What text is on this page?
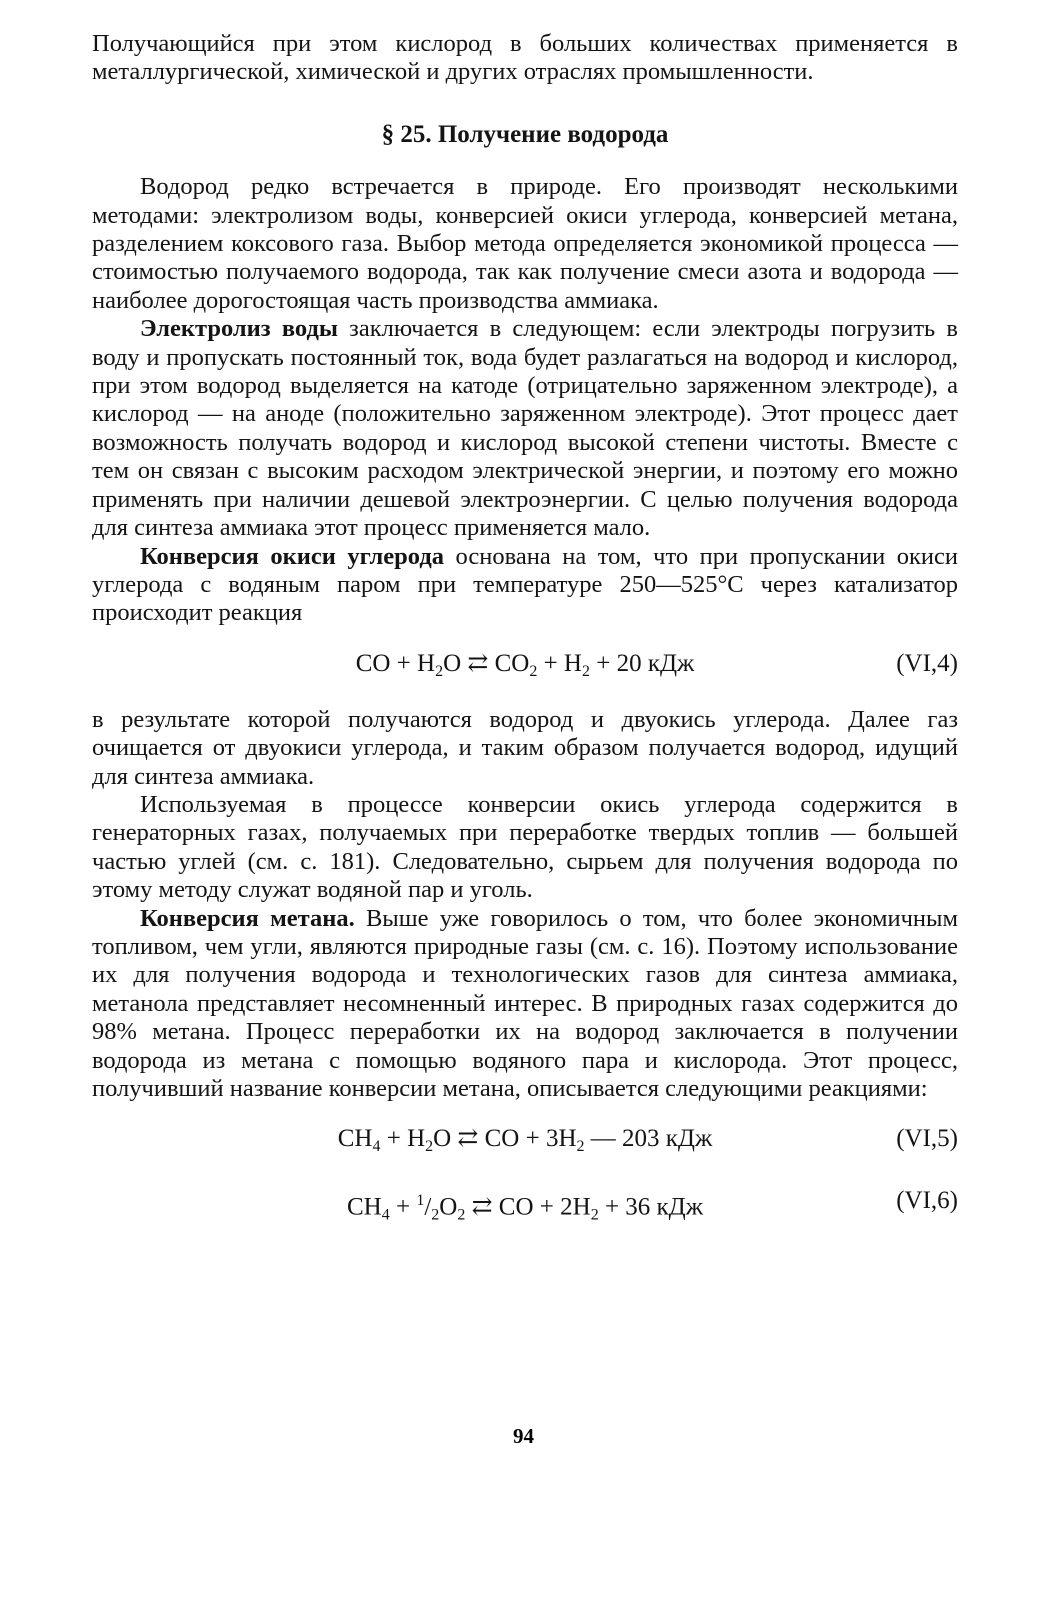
Получающийся при этом кислород в больших количествах применяется в металлургической, химической и других отраслях промышленности.

§ 25. Получение водорода

Водород редко встречается в природе. Его производят несколькими методами: электролизом воды, конверсией окиси углерода, конверсией метана, разделением коксового газа. Выбор метода определяется экономикой процесса — стоимостью получаемого водорода, так как получение смеси азота и водорода — наиболее дорогостоящая часть производства аммиака.

Электролиз воды заключается в следующем: если электроды погрузить в воду и пропускать постоянный ток, вода будет разлагаться на водород и кислород, при этом водород выделяется на катоде (отрицательно заряженном электроде), а кислород — на аноде (положительно заряженном электроде). Этот процесс дает возможность получать водород и кислород высокой степени чистоты. Вместе с тем он связан с высоким расходом электрической энергии, и поэтому его можно применять при наличии дешевой электроэнергии. С целью получения водорода для синтеза аммиака этот процесс применяется мало.

Конверсия окиси углерода основана на том, что при пропускании окиси углерода с водяным паром при температуре 250—525°С через катализатор происходит реакция

CO + $H_2O$ ⇄ $CO_2 + H_2 + 20$ кДж	(VI,4)

в результате которой получаются водород и двуокись углерода. Далее газ очищается от двуокиси углерода, и таким образом получается водород, идущий для синтеза аммиака.

Используемая в процессе конверсии окись углерода содержится в генераторных газах, получаемых при переработке твердых топлив — большей частью углей (см. с. 181). Следовательно, сырьем для получения водорода по этому методу служат водяной пар и уголь.

Конверсия метана. Выше уже говорилось о том, что более экономичным топливом, чем угли, являются природные газы (см. с. 16). Поэтому использование их для получения водорода и технологических газов для синтеза аммиака, метанола представляет несомненный интерес. В природных газах содержится до 98% метана. Процесс переработки их на водород заключается в получении водорода из метана с помощью водяного пара и кислорода. Этот процесс, получивший название конверсии метана, описывается следующими реакциями:

$CH_4 + H_2O$ ⇄ CO + $3H_2$ — 203 кДж	(VI,5)
$CH_4 + ^1/_2O_2$ ⇄ CO + $2H_2 + 36$ кДж	(VI,6)
94
